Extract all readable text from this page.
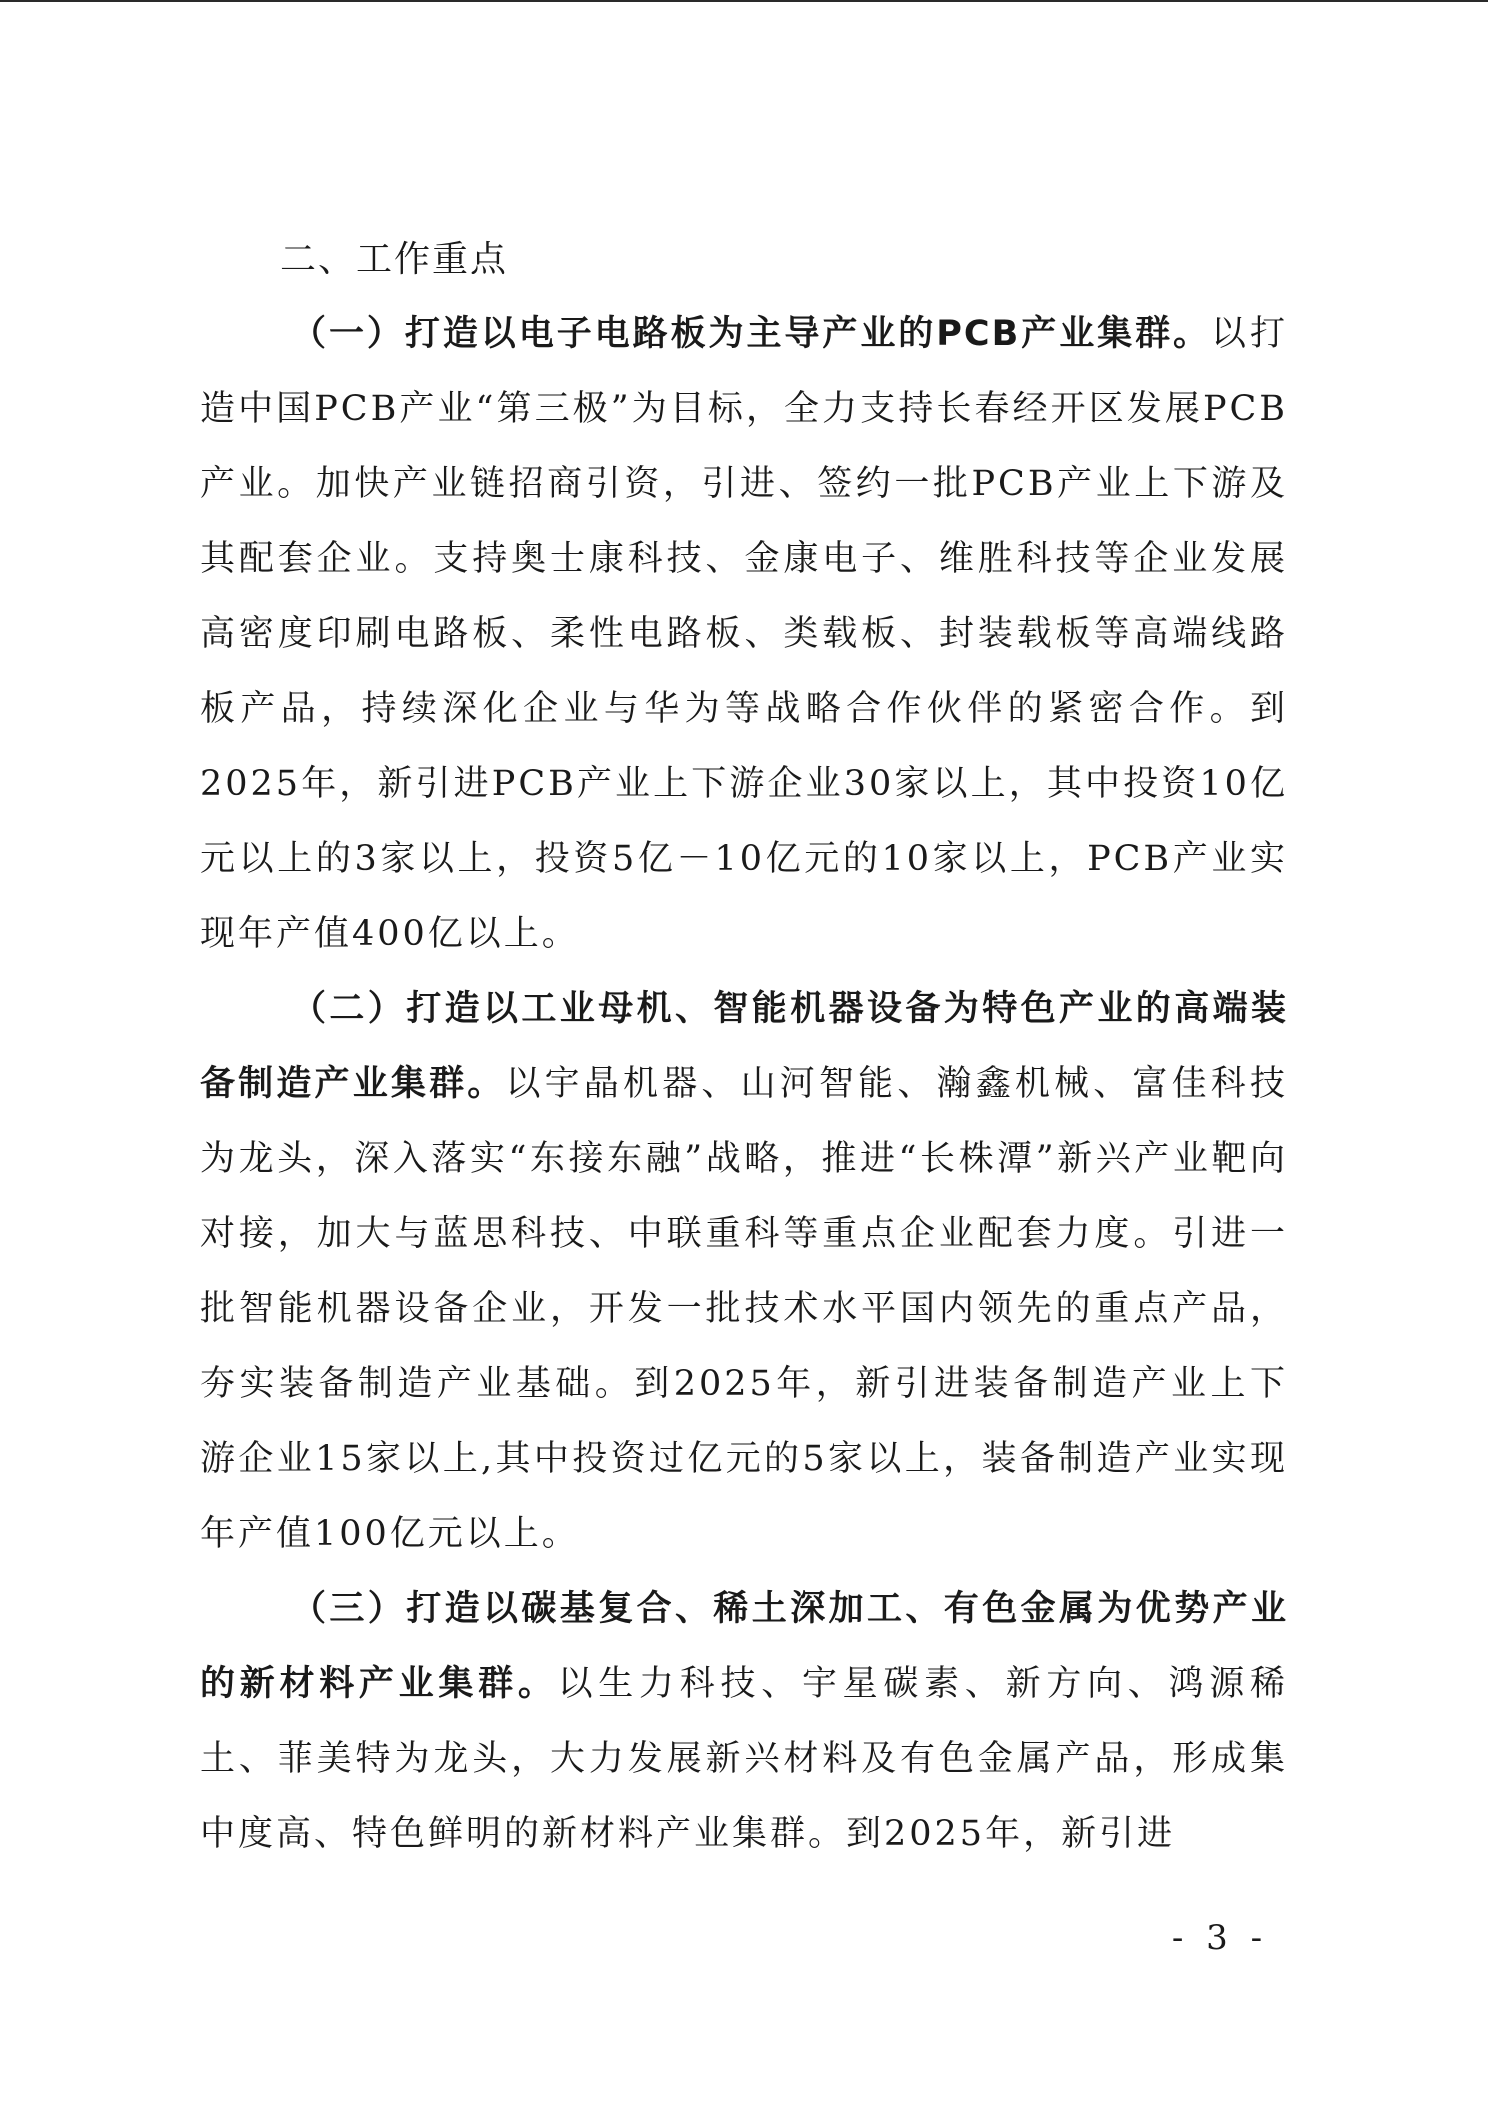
二、工作重点

（一）打造以电子电路板为主导产业的PCB产业集群。以打造中国PCB产业“第三极”为目标，全力支持长春经开区发展PCB产业。加快产业链招商引资，引进、签约一批PCB产业上下游及其配套企业。支持奥士康科技、金康电子、维胜科技等企业发展高密度印刷电路板、柔性电路板、类载板、封装载板等高端线路板产品，持续深化企业与华为等战略合作伙伴的紧密合作。到2025年，新引进PCB产业上下游企业30家以上，其中投资10亿元以上的3家以上，投资5亿－10亿元的10家以上，PCB产业实现年产值400亿以上。

（二）打造以工业母机、智能机器设备为特色产业的高端装备制造产业集群。以宇晶机器、山河智能、瀚鑫机械、富佳科技为龙头，深入落实“东接东融”战略，推进“长株潭”新兴产业靶向对接，加大与蓝思科技、中联重科等重点企业配套力度。引进一批智能机器设备企业，开发一批技术水平国内领先的重点产品，夯实装备制造产业基础。到2025年，新引进装备制造产业上下游企业15家以上,其中投资过亿元的5家以上，装备制造产业实现年产值100亿元以上。

（三）打造以碳基复合、稀土深加工、有色金属为优势产业的新材料产业集群。以生力科技、宇星碳素、新方向、鸿源稀土、菲美特为龙头，大力发展新兴材料及有色金属产品，形成集中度高、特色鲜明的新材料产业集群。到2025年，新引进

- 3 -
